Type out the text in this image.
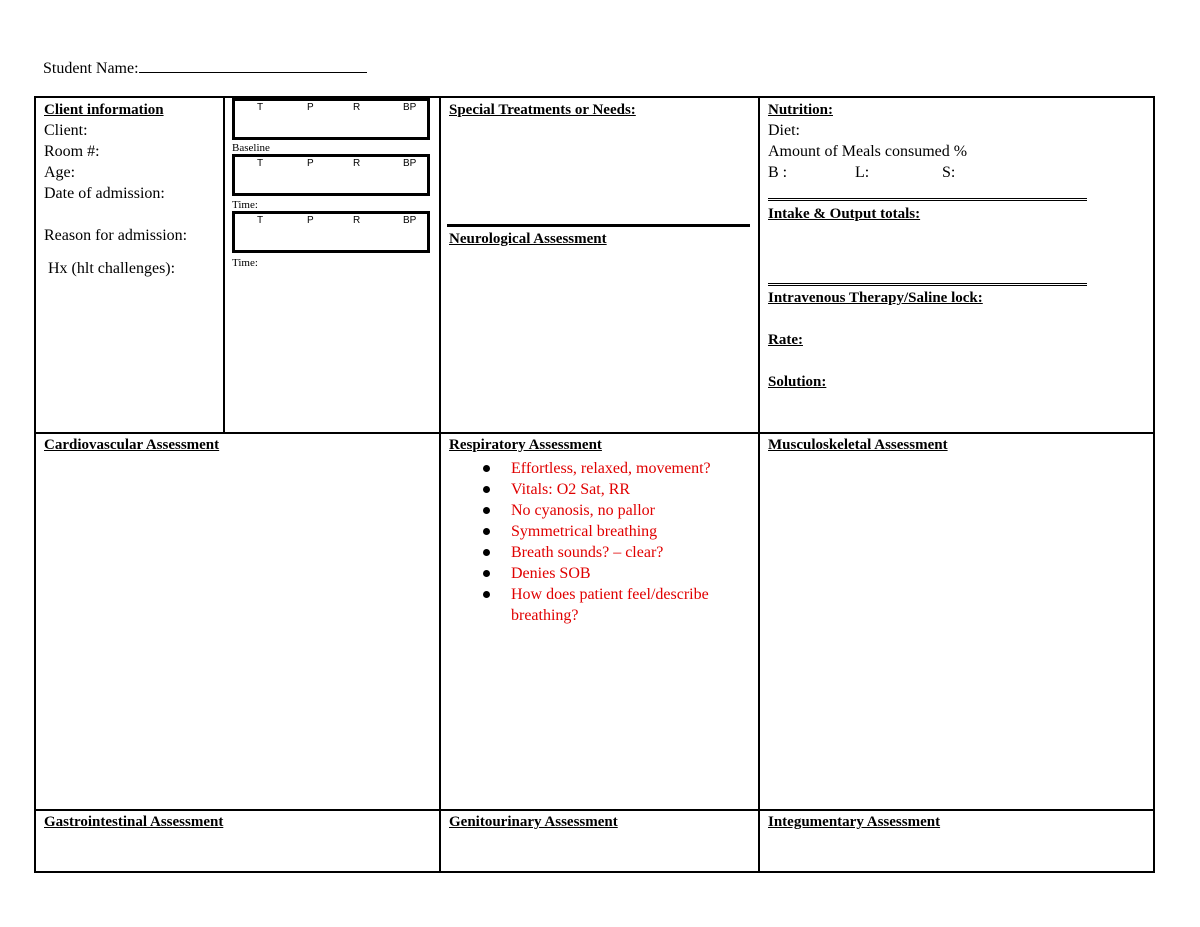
Student Name:
Client information
Client:
Room #:
Age:
Date of admission:
Reason for admission:
Hx (hlt challenges):
T	P	R	BP
Baseline
T	P	R	BP
Time:
T	P	R	BP
Time:
Special Treatments or Needs:
Neurological Assessment
Nutrition:
Diet:
Amount of Meals consumed %
B :	L:	S:
Intake & Output totals:
Intravenous Therapy/Saline lock:
Rate:
Solution:
Cardiovascular Assessment	Respiratory Assessment
Effortless, relaxed, movement?
Vitals: O2 Sat, RR
No cyanosis, no pallor
Symmetrical breathing
Breath sounds? – clear?
Denies SOB
How does patient feel/describe breathing?
Musculoskeletal Assessment
Gastrointestinal Assessment	Genitourinary Assessment	Integumentary Assessment
